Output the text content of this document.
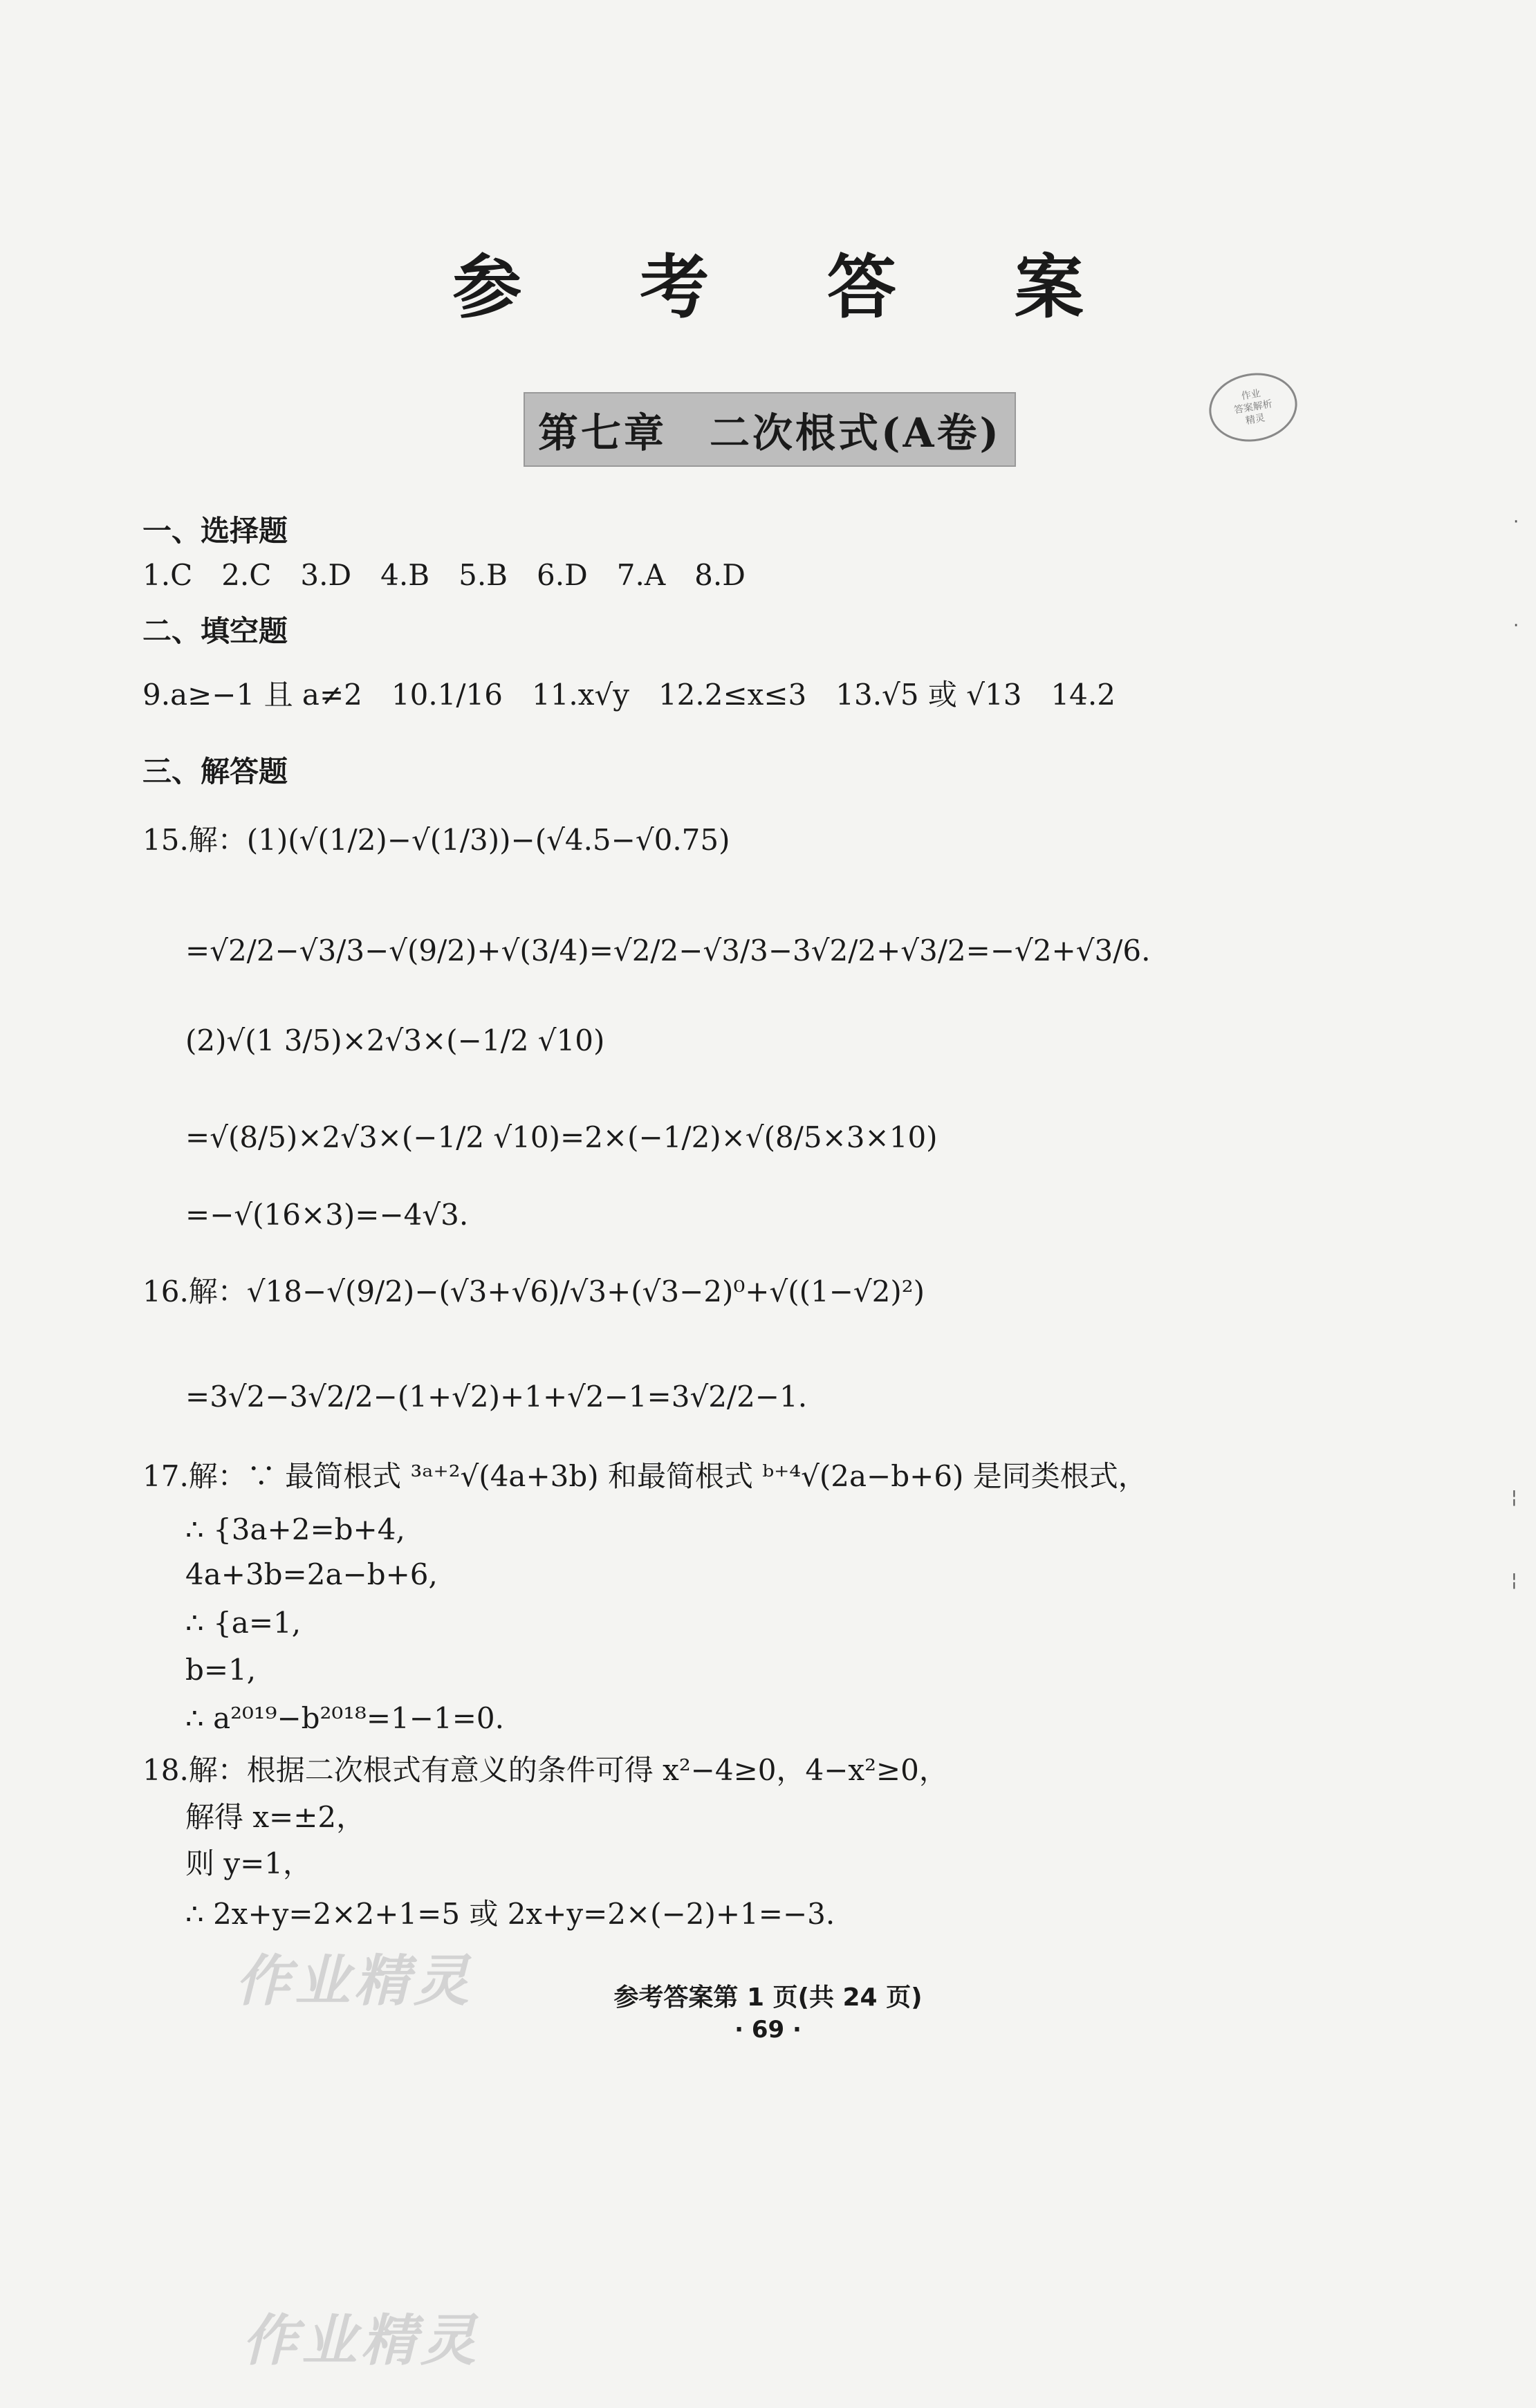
参 考 答 案
第七章　二次根式(A卷)
作业
答案解析
精灵
一、选择题
1.C　2.C　3.D　4.B　5.B　6.D　7.A　8.D
二、填空题
9.a≥−1 且 a≠2　10.1/16　11.x√y　12.2≤x≤3　13.√5 或 √13　14.2
三、解答题
15.解：(1)(√(1/2)−√(1/3))−(√4.5−√0.75)
=√2/2−√3/3−√(9/2)+√(3/4)=√2/2−√3/3−3√2/2+√3/2=−√2+√3/6.
(2)√(1 3/5)×2√3×(−1/2 √10)
=√(8/5)×2√3×(−1/2 √10)=2×(−1/2)×√(8/5×3×10)
=−√(16×3)=−4√3.
16.解：√18−√(9/2)−(√3+√6)/√3+(√3−2)⁰+√((1−√2)²)
=3√2−3√2/2−(1+√2)+1+√2−1=3√2/2−1.
17.解：∵ 最简根式 ³ᵃ⁺²√(4a+3b) 和最简根式 ᵇ⁺⁴√(2a−b+6) 是同类根式，
∴ {3a+2=b+4,
4a+3b=2a−b+6,
∴ {a=1,
b=1,
∴ a²⁰¹⁹−b²⁰¹⁸=1−1=0.
18.解：根据二次根式有意义的条件可得 x²−4≥0，4−x²≥0，
解得 x=±2，
则 y=1，
∴ 2x+y=2×2+1=5 或 2x+y=2×(−2)+1=−3.
作业精灵	参考答案第 1 页(共 24 页)
· 69 ·
作业精灵
·
·
¦
¦
